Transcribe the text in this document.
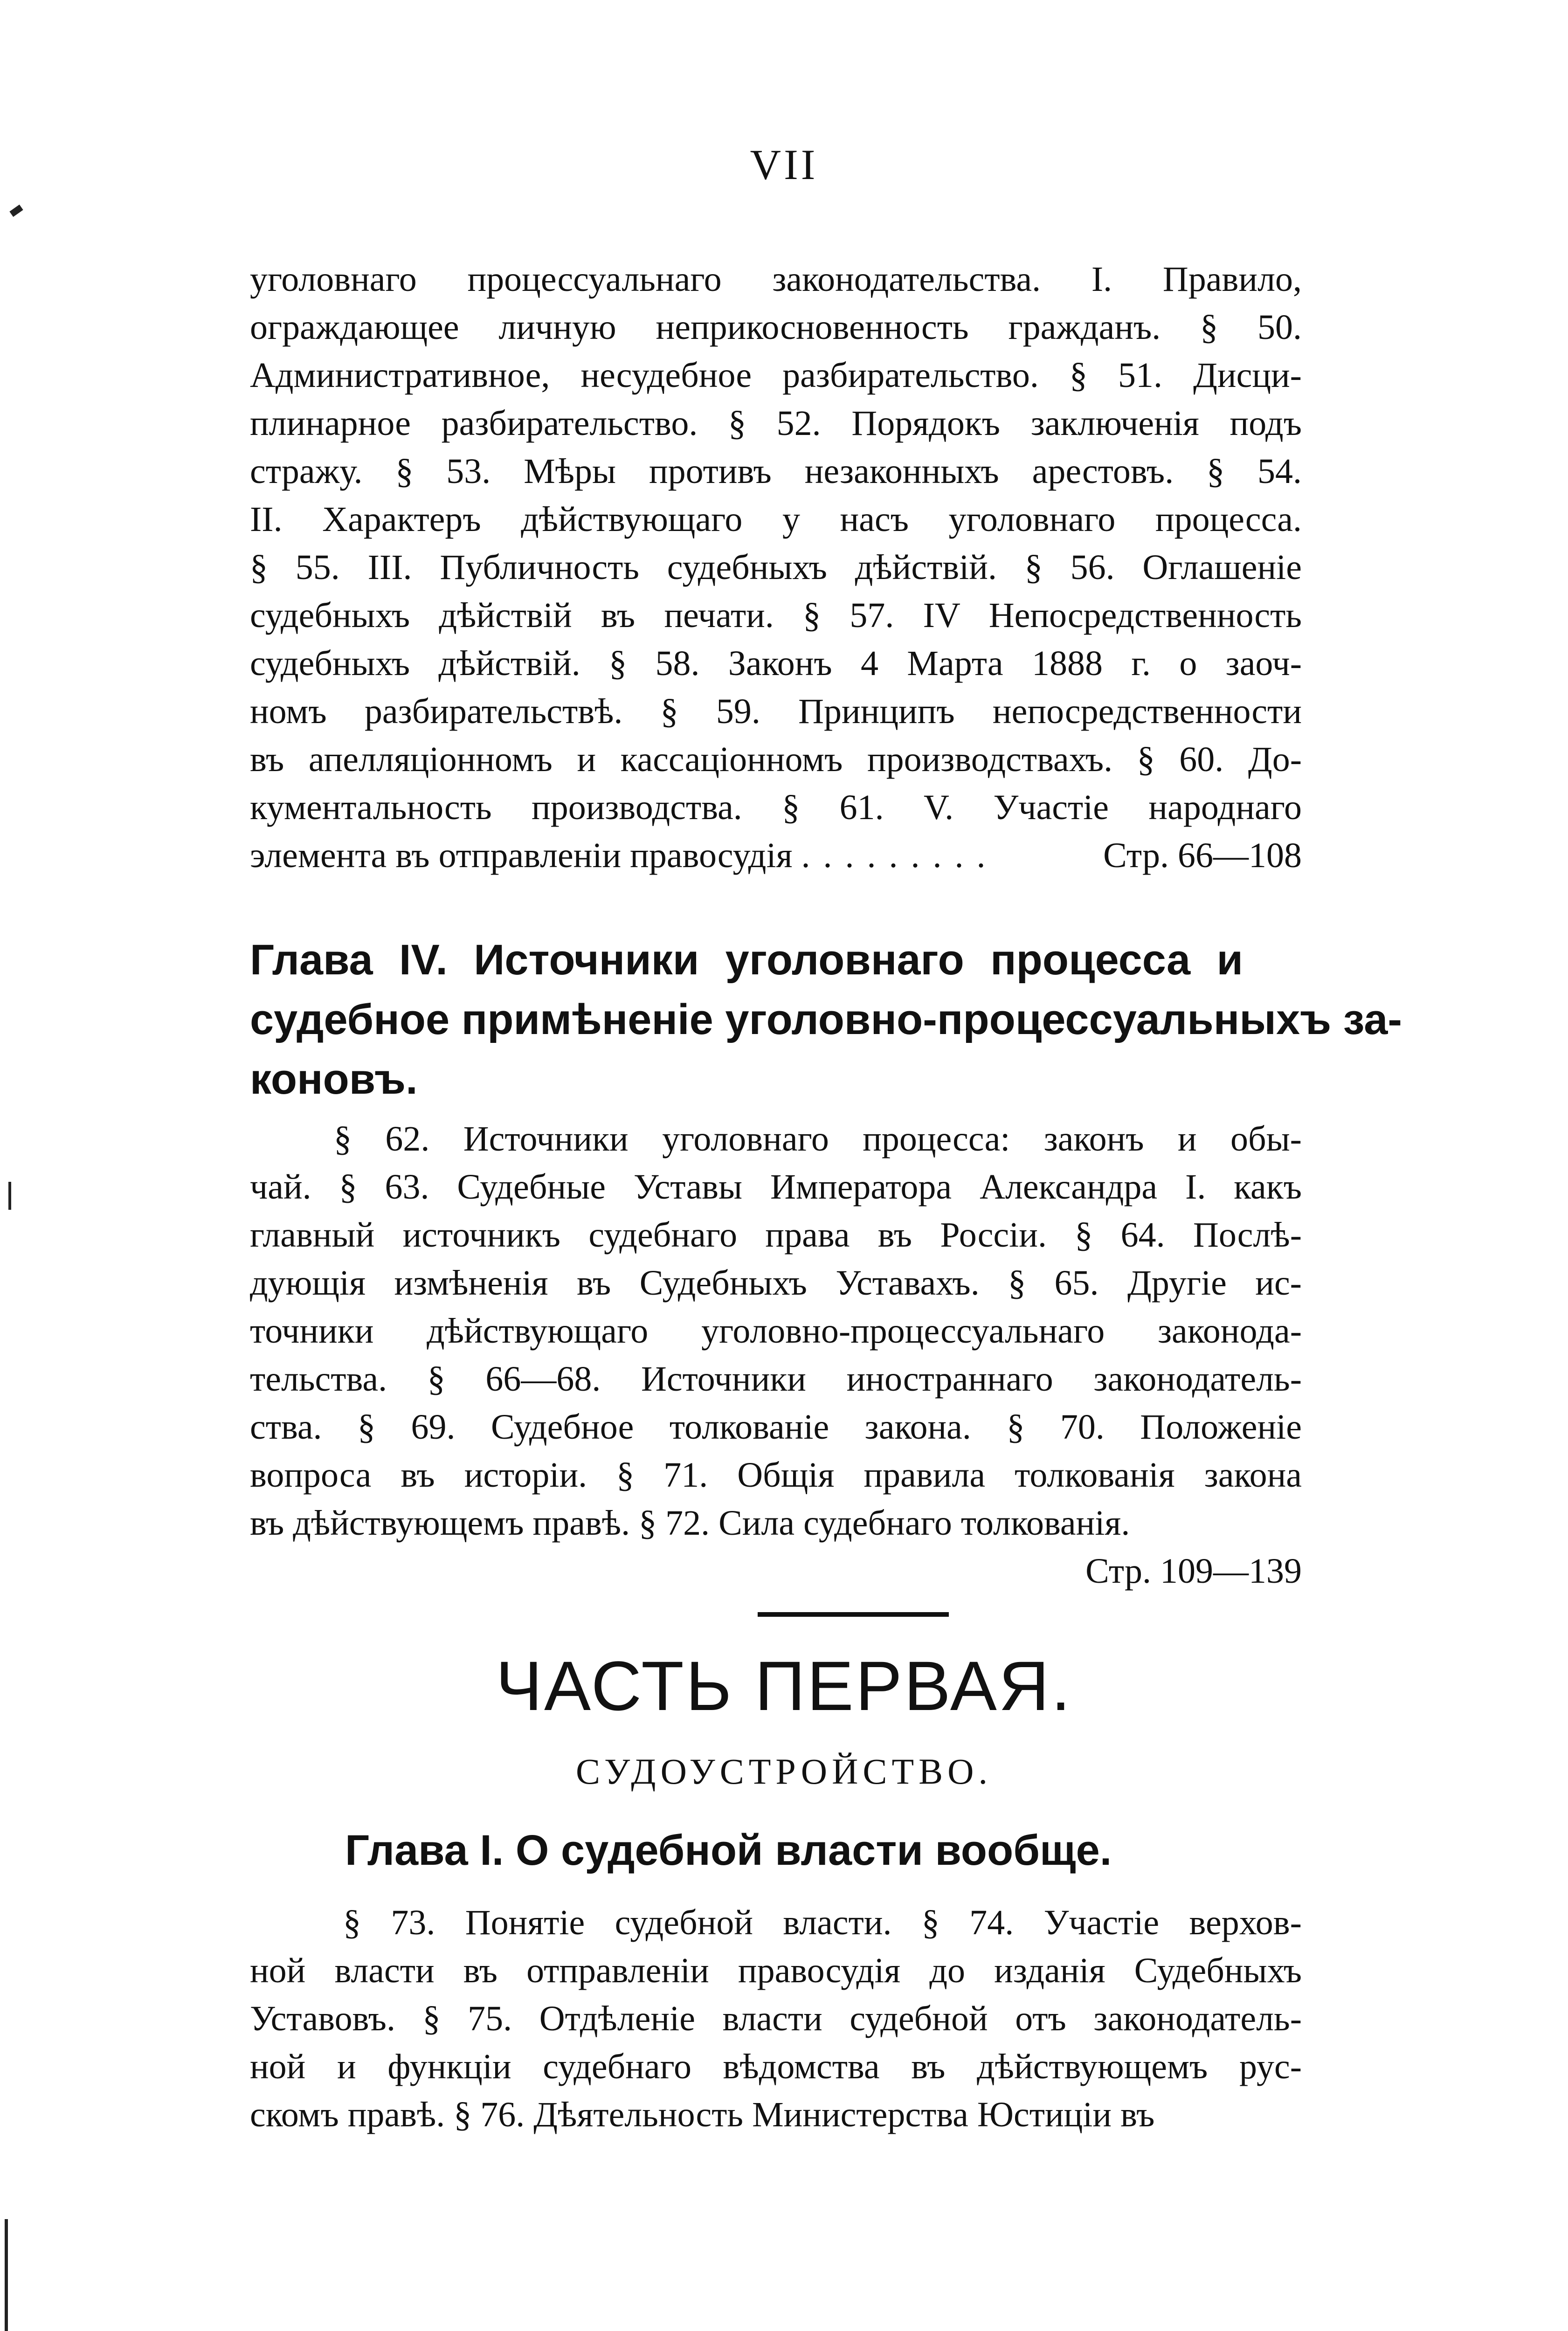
VII
уголовнаго процессуальнаго законодательства. I. Правило,
ограждающее личную неприкосновенность гражданъ. § 50.
Административное, несудебное разбирательство. § 51. Дисци-
плинарное разбирательство. § 52. Порядокъ заключенія подъ
стражу. § 53. Мѣры противъ незаконныхъ арестовъ. § 54.
II. Характеръ дѣйствующаго у насъ уголовнаго процесса.
§ 55. III. Публичность судебныхъ дѣйствій. § 56. Оглашеніе
судебныхъ дѣйствій въ печати. § 57. IV Непосредственность
судебныхъ дѣйствій. § 58. Законъ 4 Марта 1888 г. о заоч-
номъ разбирательствѣ. § 59. Принципъ непосредственности
въ апелляціонномъ и кассаціонномъ производствахъ. § 60. До-
кументальность производства. § 61. V. Участіе народнаго
элемента въ отправленіи правосудія .........	Стр. 66—108
Глава IV. Источники уголовнаго процесса и
судебное примѣненіе уголовно-процессуальныхъ за-
коновъ.
§ 62. Источники уголовнаго процесса: законъ и обы-
чай. § 63. Судебные Уставы Императора Александра I. какъ
главный источникъ судебнаго права въ Россіи. § 64. Послѣ-
дующія измѣненія въ Судебныхъ Уставахъ. § 65. Другіе ис-
точники дѣйствующаго уголовно-процессуальнаго законода-
тельства. § 66—68. Источники иностраннаго законодатель-
ства. § 69. Судебное толкованіе закона. § 70. Положеніе
вопроса въ исторіи. § 71. Общія правила толкованія закона
въ дѣйствующемъ правѣ. § 72. Сила судебнаго толкованія.
Стр. 109—139
ЧАСТЬ ПЕРВАЯ.
СУДОУСТРОЙСТВО.
Глава I. О судебной власти вообще.
§ 73. Понятіе судебной власти. § 74. Участіе верхов-
ной власти въ отправленіи правосудія до изданія Судебныхъ
Уставовъ. § 75. Отдѣленіе власти судебной отъ законодатель-
ной и функціи судебнаго вѣдомства въ дѣйствующемъ рус-
скомъ правѣ. § 76. Дѣятельность Министерства Юстиціи въ
